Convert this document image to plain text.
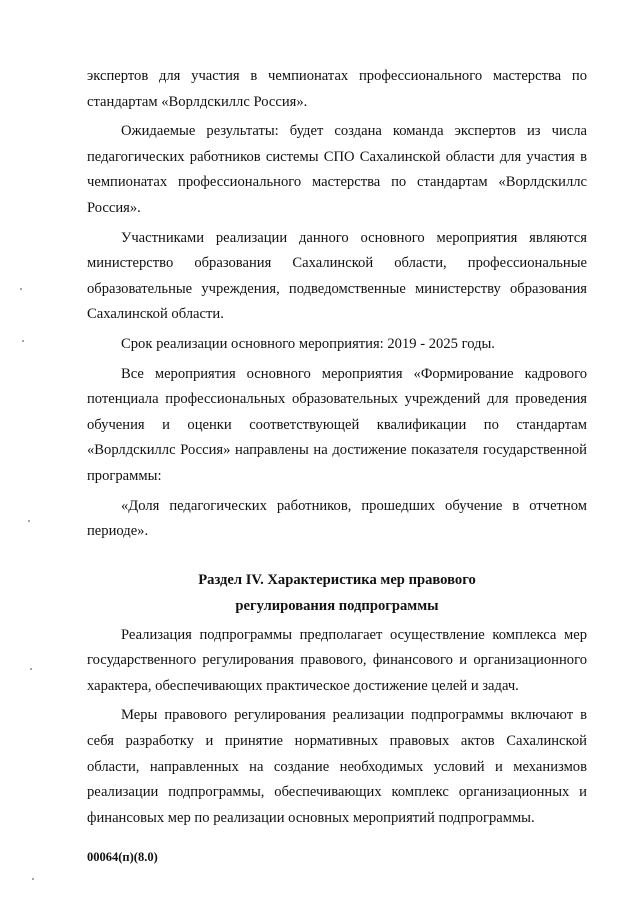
экспертов для участия в чемпионатах профессионального мастерства по стандартам «Ворлдскиллс Россия».

Ожидаемые результаты: будет создана команда экспертов из числа педагогических работников системы СПО Сахалинской области для участия в чемпионатах профессионального мастерства по стандартам «Ворлдскиллс Россия».

Участниками реализации данного основного мероприятия являются министерство образования Сахалинской области, профессиональные образовательные учреждения, подведомственные министерству образования Сахалинской области.

Срок реализации основного мероприятия: 2019 - 2025 годы.

Все мероприятия основного мероприятия «Формирование кадрового потенциала профессиональных образовательных учреждений для проведения обучения и оценки соответствующей квалификации по стандартам «Ворлдскиллс Россия» направлены на достижение показателя государственной программы:

«Доля педагогических работников, прошедших обучение в отчетном периоде».

Раздел IV. Характеристика мер правового
регулирования подпрограммы

Реализация подпрограммы предполагает осуществление комплекса мер государственного регулирования правового, финансового и организационного характера, обеспечивающих практическое достижение целей и задач.

Меры правового регулирования реализации подпрограммы включают в себя разработку и принятие нормативных правовых актов Сахалинской области, направленных на создание необходимых условий и механизмов реализации подпрограммы, обеспечивающих комплекс организационных и финансовых мер по реализации основных мероприятий подпрограммы.

00064(п)(8.0)
